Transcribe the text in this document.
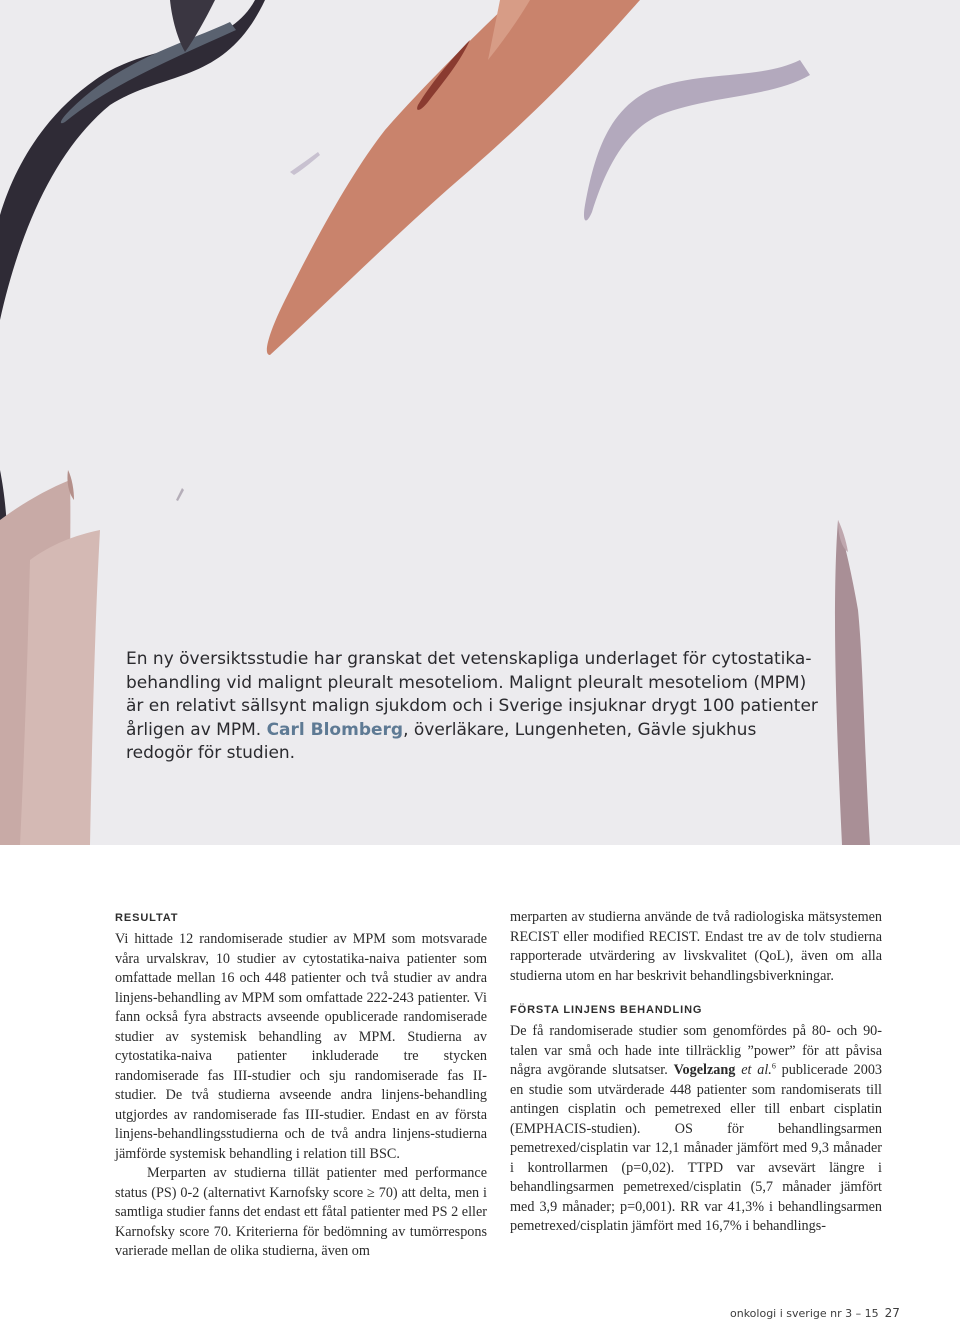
En ny översiktsstudie har granskat det vetenskapliga underlaget för cytostatika-behandling vid malignt pleuralt mesoteliom. Malignt pleuralt mesoteliom (MPM) är en relativt sällsynt malign sjukdom och i Sverige insjuknar drygt 100 patienter årligen av MPM. Carl Blomberg, överläkare, Lungenheten, Gävle sjukhus redogör för studien.
RESULTAT

Vi hittade 12 randomiserade studier av MPM som motsvarade våra urvalskrav, 10 studier av cytostatika-naiva patienter som omfattade mellan 16 och 448 patienter och två studier av andra linjens-behandling av MPM som omfattade 222-243 patienter. Vi fann också fyra abstracts avseende opublicerade randomiserade studier av systemisk behandling av MPM. Studierna av cytostatika-naiva patienter inkluderade tre stycken randomiserade fas III-studier och sju randomiserade fas II-studier. De två studierna avseende andra linjens-behandling utgjordes av randomiserade fas III-studier. Endast en av första linjens-behandlingsstudierna och de två andra linjens-studierna jämförde systemisk behandling i relation till BSC.

Merparten av studierna tillät patienter med performance status (PS) 0-2 (alternativt Karnofsky score ≥ 70) att delta, men i samtliga studier fanns det endast ett fåtal patienter med PS 2 eller Karnofsky score 70. Kriterierna för bedömning av tumörrespons varierade mellan de olika studierna, även om

merparten av studierna använde de två radiologiska mätsystemen RECIST eller modified RECIST. Endast tre av de tolv studierna rapporterade utvärdering av livskvalitet (QoL), även om alla studierna utom en har beskrivit behandlingsbiverkningar.

FÖRSTA LINJENS BEHANDLING

De få randomiserade studier som genomfördes på 80- och 90-talen var små och hade inte tillräcklig ”power” för att påvisa några avgörande slutsatser. Vogelzang et al.$^6$ publicerade 2003 en studie som utvärderade 448 patienter som randomiserats till antingen cisplatin och pemetrexed eller till enbart cisplatin (EMPHACIS-studien). OS för behandlingsarmen pemetrexed/cisplatin var 12,1 månader jämfört med 9,3 månader i kontrollarmen (p=0,02). TTPD var avsevärt längre i behandlingsarmen pemetrexed/cisplatin (5,7 månader jämfört med 3,9 månader; p=0,001). RR var 41,3% i behandlingsarmen pemetrexed/cisplatin jämfört med 16,7% i behandlings-

onkologi i sverige nr 3 – 15 27
